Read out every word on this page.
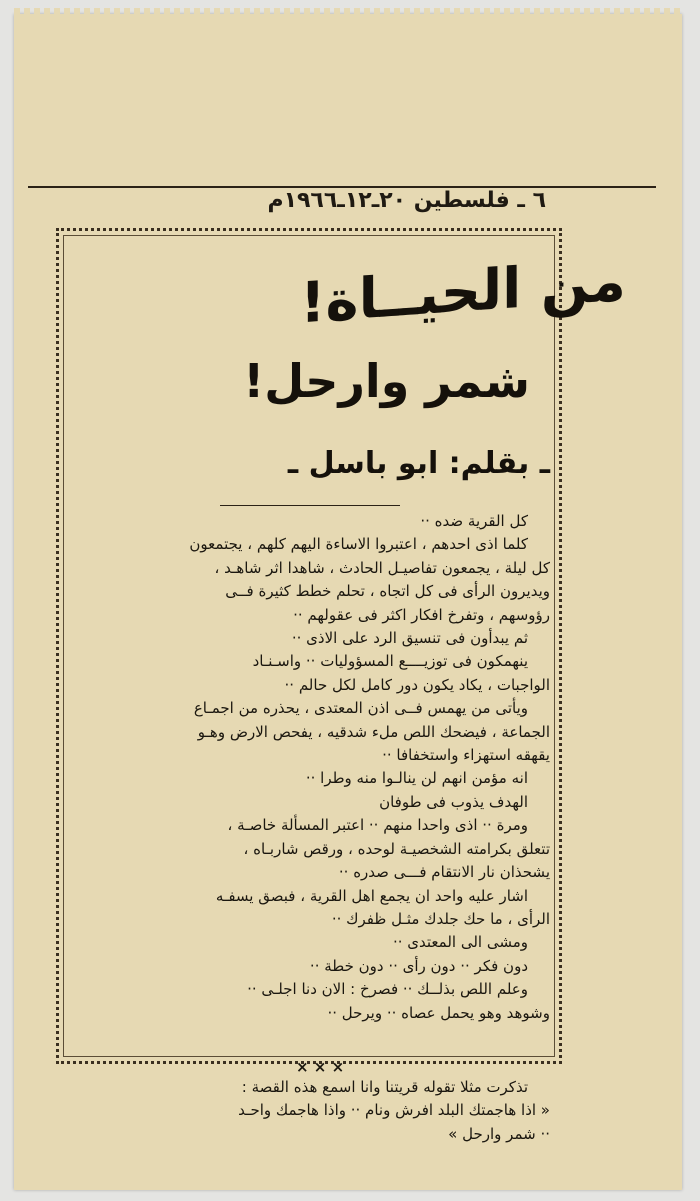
٦ ـ فلسطين ٢٠ـ١٢ـ١٩٦٦م
من الحيــاة!
شمر وارحل!
ـ بقلم: ابو باسل ـ

كل القرية ضده ··

كلما اذى احدهم ، اعتبروا الاساءة اليهم كلهم ، يجتمعون

كل ليلة ، يجمعون تفاصيـل الحادث ، شاهدا اثر شاهـد ،

ويديرون الرأى فى كل اتجاه ، تحلم خطط كثيرة فــى

رؤوسهم ، وتفرخ افكار اكثر فى عقولهم ··

ثم يبدأون فى تنسيق الرد على الاذى ··

ينهمكون فى توزيــــع المسؤوليات ·· واسـنـاد

الواجبات ، يكاد يكون دور كامل لكل حالم ··

ويأتى من يهمس فــى اذن المعتدى ، يحذره من اجمـاع

الجماعة ، فيضحك اللص ملء شدقيه ، يفحص الارض وهـو

يقهقه استهزاء واستخفافا ··

انه مؤمن انهم لن ينالـوا منه وطرا ··

الهدف يذوب فى طوفان

ومرة ·· اذى واحدا منهم ·· اعتبر المسألة خاصـة ،

تتعلق بكرامته الشخصيـة لوحده ، ورقص شاربـاه ،

يشحذان نار الانتقام فـــى صدره ··

اشار عليه واحد ان يجمع اهل القرية ، فبصق يسفـه

الرأى ، ما حك جلدك مثـل ظفرك ··

ومشى الى المعتدى ··

دون فكر ·· دون رأى ·· دون خطة ··

وعلم اللص بذلــك ·· فصرخ : الان دنا اجلـى ··

وشوهد وهو يحمل عصاه ·· ويرحل ··

× × ×

تذكرت مثلا تقوله قريتنا وانا اسمع هذه القصة :

« اذا هاجمتك البلد افرش ونام ·· واذا هاجمك واحـد

·· شمر وارحل »
